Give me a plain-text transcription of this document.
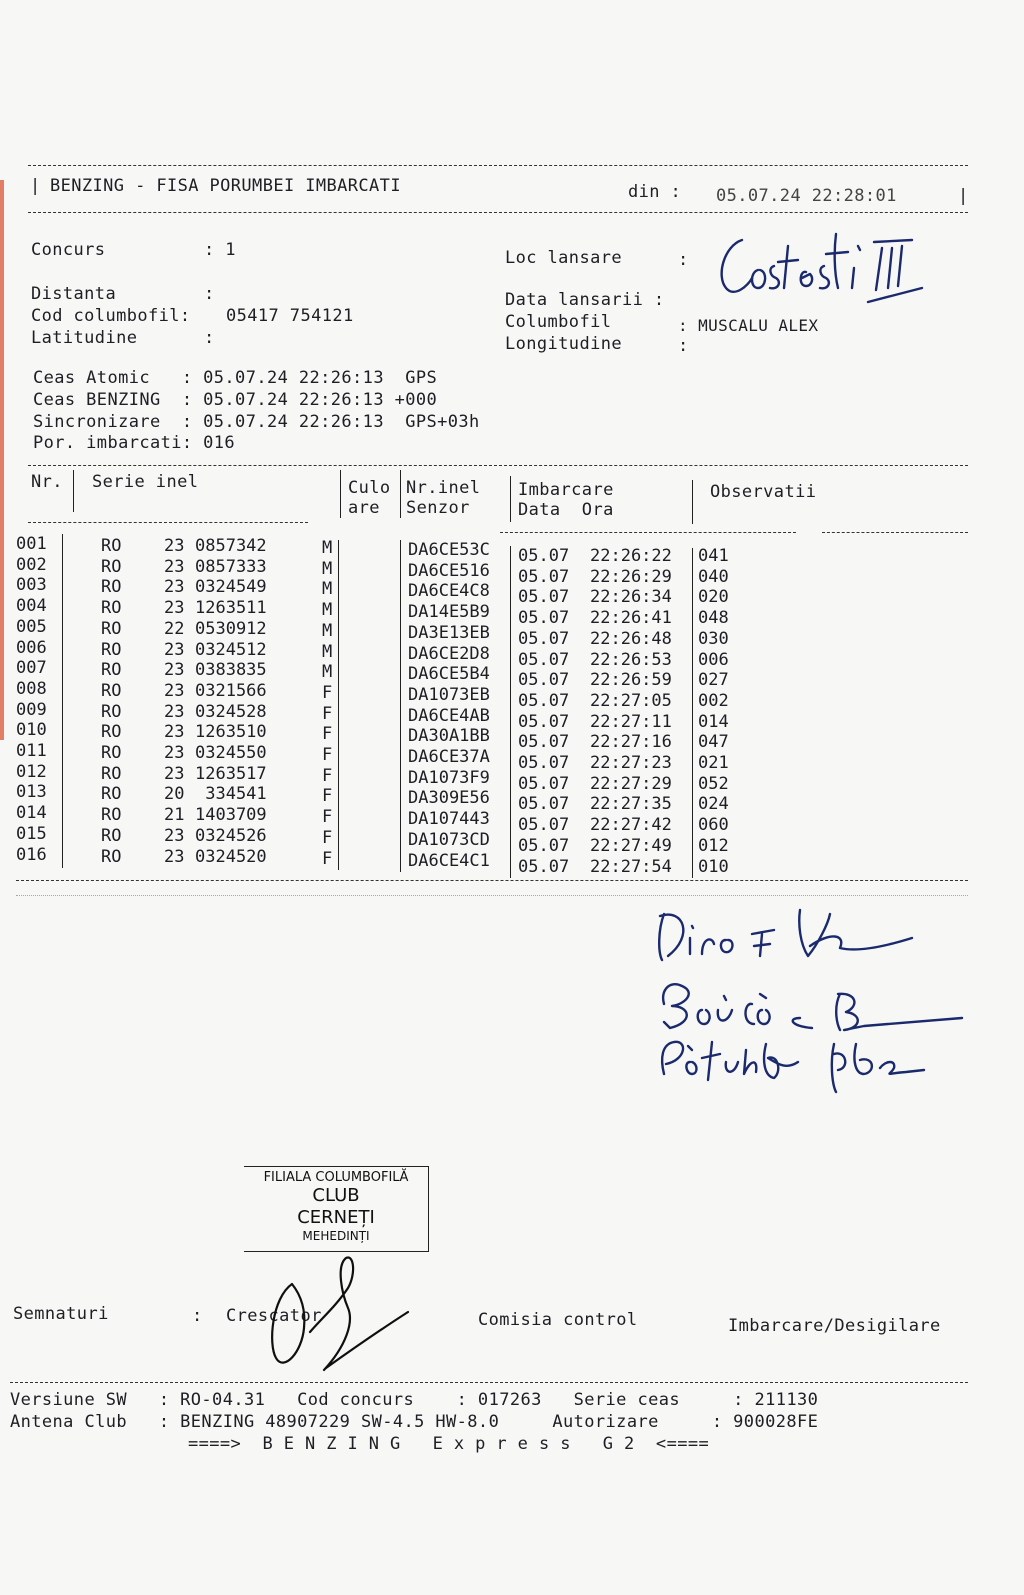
| BENZING - FISA PORUMBEI IMBARCATI	din : 05.07.24 22:28:01	|
Concurs	: 1
Distanta	:
Cod columbofil: 05417 754121
Latitudine	:
Loc lansare	:
Data lansarii :
Columbofil	: MUSCALU ALEX
Longitudine	:
Ceas Atomic   : 05.07.24 22:26:13  GPS
Ceas BENZING  : 05.07.24 22:26:13 +000
Sincronizare  : 05.07.24 22:26:13  GPS+03h
Por. imbarcati: 016
Nr. Serie inel	Culo
are
Nr.inel
Senzor
Imbarcare
Data  Ora
Observatii
001	RO	23 0857342	M	DA6CE53C 05.07 22:26:22 041
002	RO	23 0857333	M	DA6CE516 05.07 22:26:29 040
003	RO	23 0324549	M	DA6CE4C8 05.07 22:26:34 020
004	RO	23 1263511	M	DA14E5B9 05.07 22:26:41 048
005	RO	22 0530912	M	DA3E13EB 05.07 22:26:48 030
006	RO	23 0324512	M	DA6CE2D8 05.07 22:26:53 006
007	RO	23 0383835	M	DA6CE5B4 05.07 22:26:59 027
008	RO	23 0321566	F	DA1073EB 05.07 22:27:05 002
009	RO	23 0324528	F	DA6CE4AB 05.07 22:27:11 014
010	RO	23 1263510	F	DA30A1BB 05.07 22:27:16 047
011	RO	23 0324550	F	DA6CE37A 05.07 22:27:23 021
012	RO	23 1263517	F	DA1073F9 05.07 22:27:29 052
013	RO	20 334541	F	DA309E56 05.07 22:27:35 024
014	RO	21 1403709	F	DA107443 05.07 22:27:42 060
015	RO	23 0324526	F	DA1073CD 05.07 22:27:49 012
016	RO	23 0324520	F	DA6CE4C1 05.07 22:27:54 010
FILIALA COLUMBOFILĂ
CLUB
CERNEȚI
MEHEDINȚI
Semnaturi	: Crescator	Comisia control	Imbarcare/Desigilare
Versiune SW   : RO-04.31   Cod concurs    : 017263   Serie ceas     : 211130
Antena Club   : BENZING 48907229 SW-4.5 HW-8.0     Autorizare     : 900028FE
====>  B E N Z I N G   E x p r e s s   G 2  <====
